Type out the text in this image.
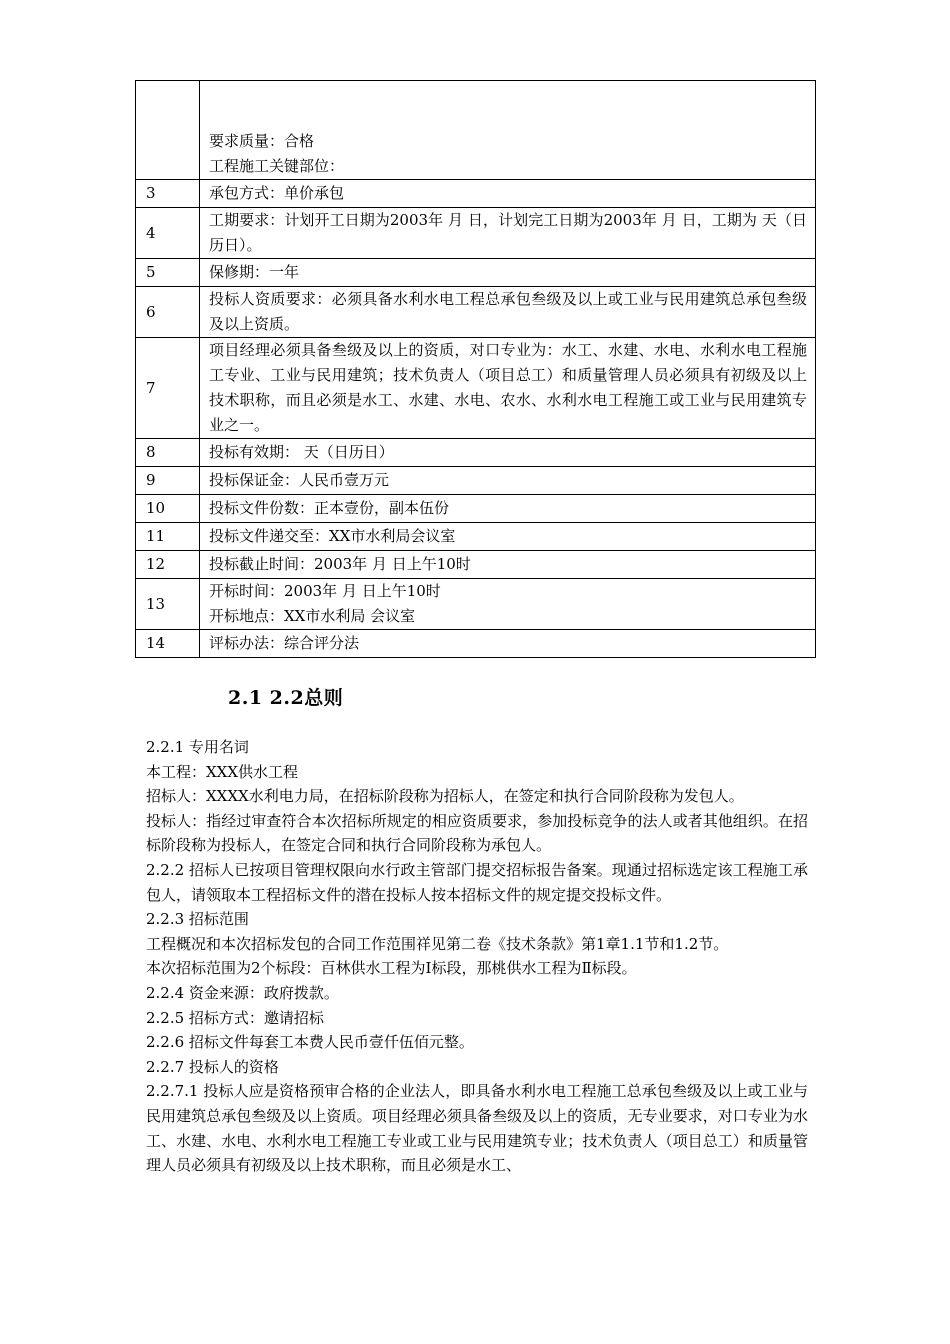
	要求质量：合格
工程施工关键部位：

3	承包方式：单价承包
4	工期要求：计划开工日期为2003年 月 日，计划完工日期为2003年 月 日，工期为 天（日历日）。
5	保修期：一年
6	投标人资质要求：必须具备水利水电工程总承包叁级及以上或工业与民用建筑总承包叁级及以上资质。
7	项目经理必须具备叁级及以上的资质，对口专业为：水工、水建、水电、水利水电工程施工专业、工业与民用建筑；技术负责人（项目总工）和质量管理人员必须具有初级及以上技术职称，而且必须是水工、水建、水电、农水、水利水电工程施工或工业与民用建筑专业之一。
8	投标有效期： 天（日历日）
9	投标保证金：人民币壹万元
10	投标文件份数：正本壹份，副本伍份
11	投标文件递交至：XX市水利局会议室
12	投标截止时间：2003年 月 日上午10时
13	开标时间：2003年 月 日上午10时
开标地点：XX市水利局 会议室

14	评标办法：综合评分法
2.1 2.2总则

2.2.1 专用名词

本工程：XXX供水工程

招标人：XXXX水利电力局，在招标阶段称为招标人，在签定和执行合同阶段称为发包人。

投标人：指经过审查符合本次招标所规定的相应资质要求，参加投标竞争的法人或者其他组织。在招标阶段称为投标人，在签定合同和执行合同阶段称为承包人。

2.2.2 招标人已按项目管理权限向水行政主管部门提交招标报告备案。现通过招标选定该工程施工承包人，请领取本工程招标文件的潜在投标人按本招标文件的规定提交投标文件。

2.2.3 招标范围

工程概况和本次招标发包的合同工作范围祥见第二卷《技术条款》第1章1.1节和1.2节。

本次招标范围为2个标段：百林供水工程为Ⅰ标段，那桃供水工程为Ⅱ标段。

2.2.4 资金来源：政府拨款。

2.2.5 招标方式：邀请招标

2.2.6 招标文件每套工本费人民币壹仟伍佰元整。

2.2.7 投标人的资格

2.2.7.1 投标人应是资格预审合格的企业法人，即具备水利水电工程施工总承包叁级及以上或工业与民用建筑总承包叁级及以上资质。项目经理必须具备叁级及以上的资质，无专业要求，对口专业为水工、水建、水电、水利水电工程施工专业或工业与民用建筑专业；技术负责人（项目总工）和质量管理人员必须具有初级及以上技术职称，而且必须是水工、
